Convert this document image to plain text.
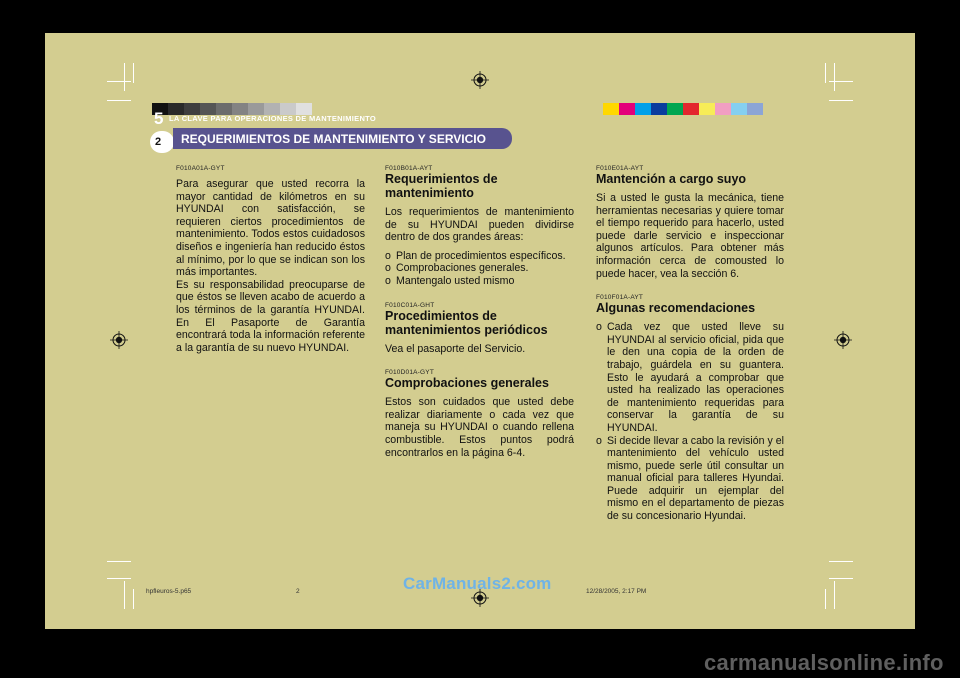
5 LA CLAVE PARA OPERACIONES DE MANTENIMIENTO
2 REQUERIMIENTOS DE MANTENIMIENTO Y SERVICIO
F010A01A-GYT

Para asegurar que usted recorra la mayor cantidad de kilómetros en su HYUNDAI con satisfacción, se requieren ciertos procedimientos de mantenimiento. Todos estos cuidadosos diseños e ingeniería han reducido éstos al mínimo, por lo que se indican son los más importantes.

Es su responsabilidad preocuparse de que éstos se lleven acabo de acuerdo a los términos de la garantía HYUNDAI. En El Pasaporte de Garantía encontrará toda la información referente a la garantía de su nuevo HYUNDAI.

F010B01A-AYT
Requerimientos de mantenimiento

Los requerimientos de mantenimiento de su HYUNDAI pueden dividirse dentro de dos grandes áreas:

o Plan de procedimientos específicos.
o Comprobaciones generales.
o Mantengalo usted mismo
F010C01A-GHT
Procedimientos de mantenimientos periódicos

Vea el pasaporte del Servicio.

F010D01A-GYT
Comprobaciones generales

Estos son cuidados que usted debe realizar diariamente o cada vez que maneja su HYUNDAI o cuando rellena combustible. Estos puntos podrá encontrarlos en la página 6-4.

F010E01A-AYT
Mantención a cargo suyo

Si a usted le gusta la mecánica, tiene herramientas necesarias y quiere tomar el tiempo requerido para hacerlo, usted puede darle servicio e inspeccionar algunos artículos. Para obtener más información cerca de comousted lo puede hacer, vea la sección 6.

F010F01A-AYT
Algunas recomendaciones
o Cada vez que usted lleve su HYUNDAI al servicio oficial, pida que le den una copia de la orden de trabajo, guárdela en su guantera. Esto le ayudará a comprobar que usted ha realizado las operaciones de mantenimiento requeridas para conservar la garantía de su HYUNDAI.
o Si decide llevar a cabo la revisión y el mantenimiento del vehículo usted mismo, puede serle útil consultar un manual oficial para talleres Hyundai. Puede adquirir un ejemplar del mismo en el departamento de piezas de su concesionario Hyundai.
hpfleuros-5.p65	2	12/28/2005, 2:17 PM
CarManuals2.com
carmanualsonline.info
